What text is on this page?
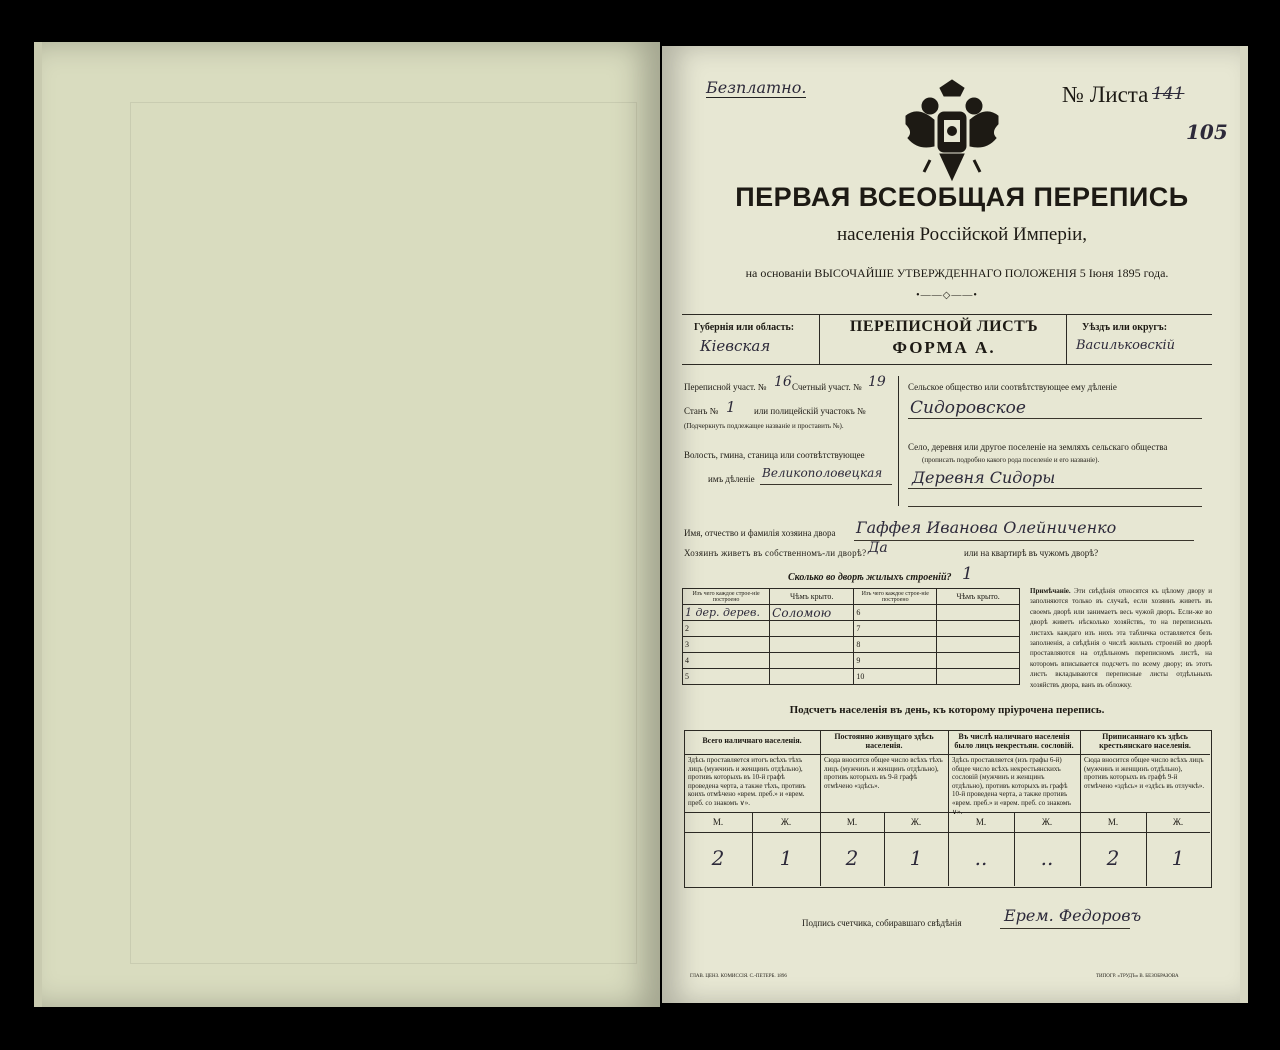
Безплатно.	№ Листа 141
105
ПЕРВАЯ ВСЕОБЩАЯ ПЕРЕПИСЬ
населенія Россійской Имперіи,
на основаніи ВЫСОЧАЙШЕ УТВЕРЖДЕННАГО ПОЛОЖЕНІЯ 5 Іюня 1895 года.
•——◇——•
Губернія или область:
Кіевская
ПЕРЕПИСНОЙ ЛИСТЪ
ФОРМА А.
Уѣздъ или округъ:
Васильковскій
Переписной участ. № 16 Счетный участ. № 19
Станъ № 1 или полицейскій участокъ №
(Подчеркнуть подлежащее названіе и проставить №).
Волость, гмина, станица или соотвѣтствующее
имъ дѣленіе Великополовецкая
Сельское общество или соотвѣтствующее ему дѣленіе
Сидоровское
Село, деревня или другое поселеніе на земляхъ сельскаго общества
(прописать подробно какого рода поселеніе и его названіе).
Деревня Сидоры
Имя, отчество и фамилія хозяина двора Гаффея Иванова Олейниченко
Хозяинъ живетъ въ собственномъ-ли дворѣ? Да	или на квартирѣ въ чужомъ дворѣ?
Сколько во дворѣ жилыхъ строеній? 1
Изъ чего каждое строе-ніе построено	Чѣмъ крыто.	Изъ чего каждое строе-ніе построено	Чѣмъ крыто.
1 дер. дерев.	Соломою	6	
2		7	
3		8	
4		9	
5		10	
Примѣчаніе. Эти свѣдѣнія относятся къ цѣлому двору и заполняются только въ случаѣ, если хозяинъ живетъ въ своемъ дворѣ или занимаетъ весь чужой дворъ. Если-же во дворѣ живетъ нѣсколько хозяйствъ, то на переписныхъ листахъ каждаго изъ нихъ эта табличка оставляется безъ заполненія, а свѣдѣнія о числѣ жилыхъ строеній во дворѣ проставляются на отдѣльномъ переписномъ листѣ, на которомъ вписывается подсчетъ по всему двору; въ этотъ листъ вкладываются переписные листы отдѣльныхъ хозяйствъ двора, ванъ въ обложку.
Подсчетъ населенія въ день, къ которому пріурочена перепись.
Всего наличнаго населенія.	Постоянно живущаго здѣсь населенія.
Въ числѣ наличнаго населенія было лицъ некрестьян. сословій.
Приписаннаго къ здѣсь крестьянскаго населенія.
Здѣсь проставляется итогъ всѣхъ тѣхъ лицъ (мужчинъ и женщинъ отдѣльно), противъ которыхъ въ 10-й графѣ проведена черта, а также тѣхъ, противъ коихъ отмѣчено «врем. преб.» и «врем. преб. со знакомъ ∨».
Сюда вносится общее число всѣхъ тѣхъ лицъ (мужчинъ и женщинъ отдѣльно), противъ которыхъ въ 9-й графѣ отмѣчено «здѣсь».
Здѣсь проставляется (изъ графы 6-й) общее число всѣхъ некрестьянскихъ сословій (мужчинъ и женщинъ отдѣльно), противъ которыхъ въ графѣ 10-й проведена черта, а также противъ «врем. преб.» и «врем. преб. со знакомъ ∨».
Сюда вносится общее число всѣхъ лицъ (мужчинъ и женщинъ отдѣльно), противъ которыхъ въ графѣ 9-й отмѣчено «здѣсь» и «здѣсь въ отлучкѣ».
М.	Ж.	М.	Ж.	М.	Ж.	М.	Ж.
2	1	2	1	..	..	2	1
Подпись счетчика, собиравшаго свѣдѣнія	Ерем. Федоровъ
ГЛАВ. ЦЕНЗ. КОМИССІЯ. С.-ПЕТЕРБ. 1896	ТИПОГР. «ТРУДЪ» В. БЕЗОБРАЗОВА
